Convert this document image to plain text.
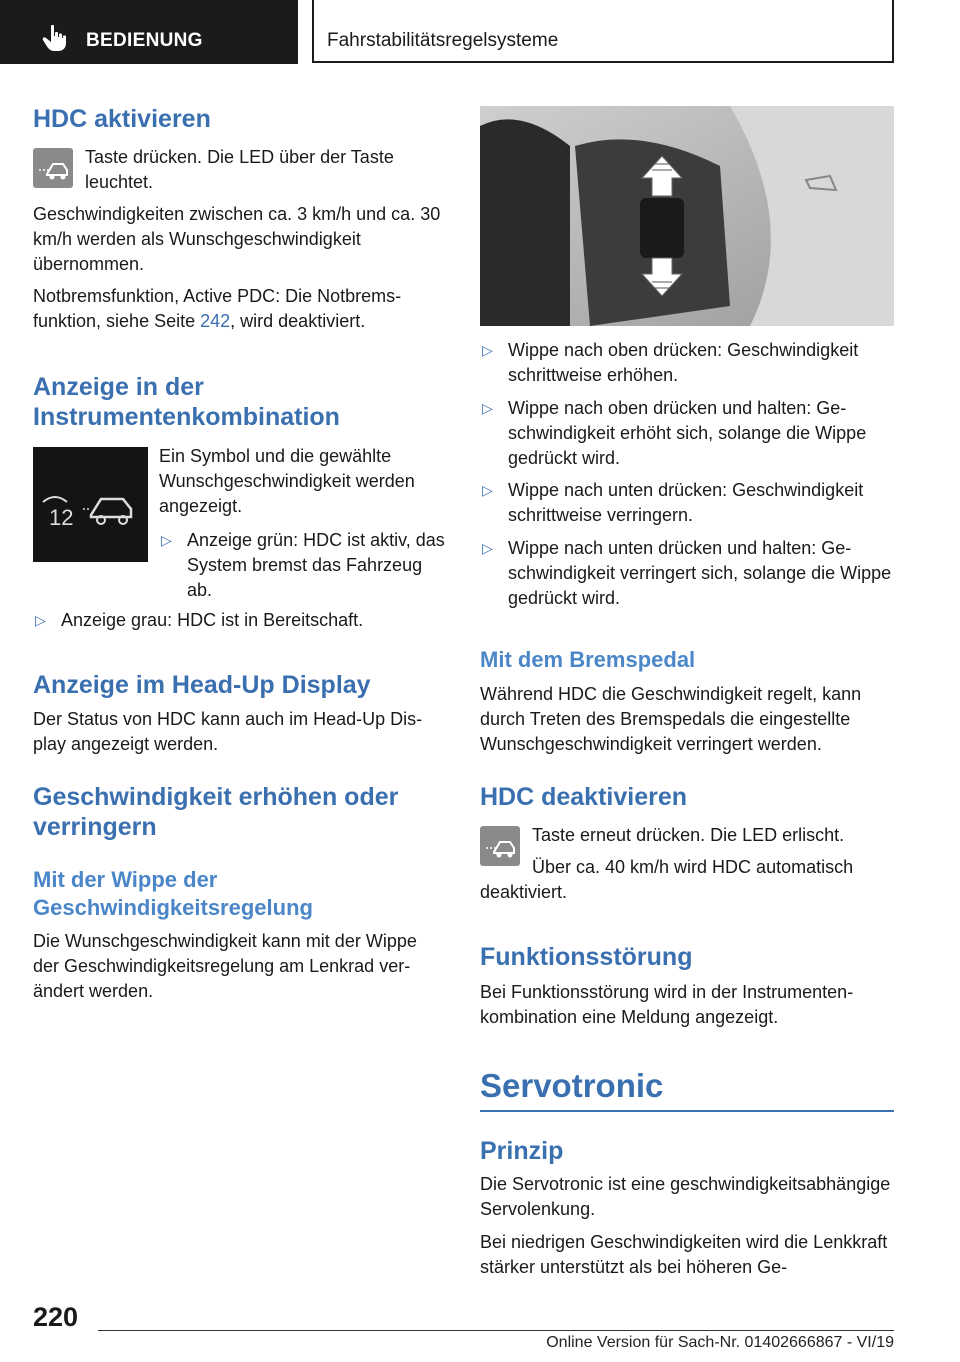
BEDIENUNG	Fahrstabilitätsregelsysteme
HDC aktivieren

Taste drücken. Die LED über der Taste leuchtet.

Geschwindigkeiten zwischen ca. 3 km/h und ca. 30 km/h werden als Wunschgeschwindigkeit übernommen.

Notbremsfunktion, Active PDC: Die Notbremsfunktion, siehe Seite 242, wird deaktiviert.

Anzeige in der Instrumentenkombination
12

Ein Symbol und die gewählte Wunschgeschwindigkeit werden angezeigt.

▷ Anzeige grün: HDC ist aktiv, das System bremst das Fahrzeug ab.
▷ Anzeige grau: HDC ist in Bereitschaft.
Anzeige im Head-Up Display

Der Status von HDC kann auch im Head-Up Display angezeigt werden.

Geschwindigkeit erhöhen oder verringern
Mit der Wippe der Geschwindigkeitsregelung

Die Wunschgeschwindigkeit kann mit der Wippe der Geschwindigkeitsregelung am Lenkrad verändert werden.

▷ Wippe nach oben drücken: Geschwindigkeit schrittweise erhöhen.
▷ Wippe nach oben drücken und halten: Geschwindigkeit erhöht sich, solange die Wippe gedrückt wird.
▷ Wippe nach unten drücken: Geschwindigkeit schrittweise verringern.
▷ Wippe nach unten drücken und halten: Geschwindigkeit verringert sich, solange die Wippe gedrückt wird.
Mit dem Bremspedal

Während HDC die Geschwindigkeit regelt, kann durch Treten des Bremspedals die eingestellte Wunschgeschwindigkeit verringert werden.

HDC deaktivieren

Taste erneut drücken. Die LED erlischt.

Über ca. 40 km/h wird HDC automatisch deaktiviert.

Funktionsstörung

Bei Funktionsstörung wird in der Instrumentenkombination eine Meldung angezeigt.

Servotronic
Prinzip

Die Servotronic ist eine geschwindigkeitsabhängige Servolenkung.

Bei niedrigen Geschwindigkeiten wird die Lenkkraft stärker unterstützt als bei höheren Ge-

220
Online Version für Sach-Nr. 01402666867 - VI/19
